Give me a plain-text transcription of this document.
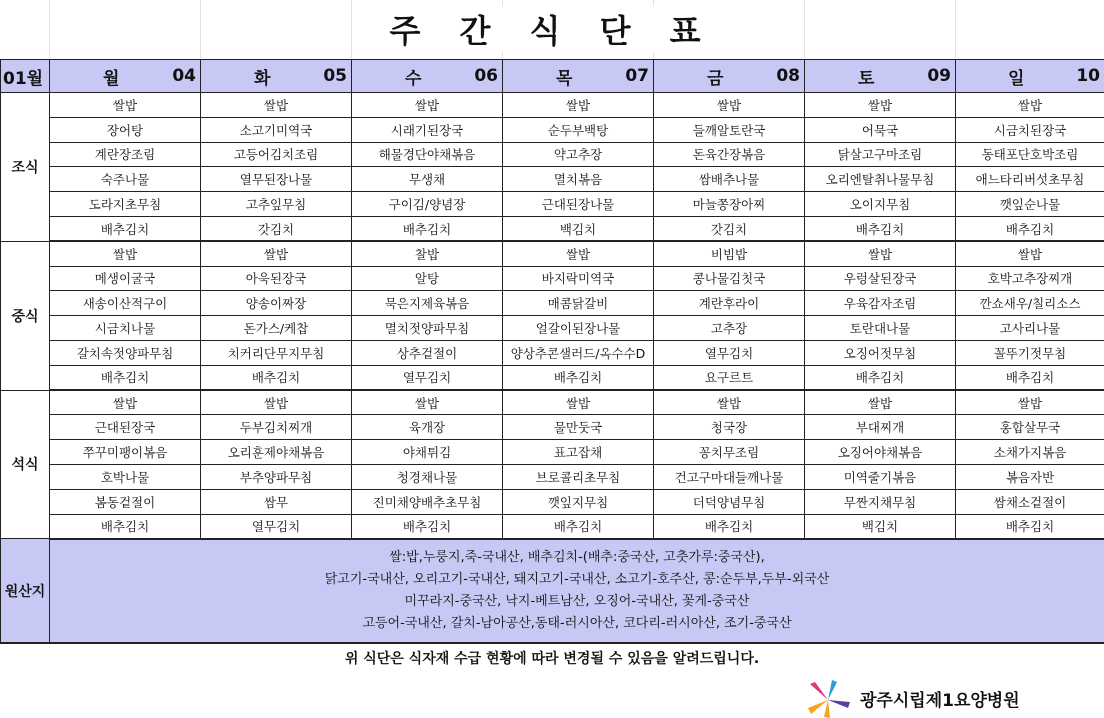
주 간 식 단 표
01월	월 04	화 05	수 06	목 07	금 08	토 09	일 10

조식	쌀밥	쌀밥	쌀밥	쌀밥	쌀밥	쌀밥	쌀밥
	장어탕	소고기미역국	시래기된장국	순두부백탕	들깨알토란국	어묵국	시금치된장국
	계란장조림	고등어김치조림	해물경단야채볶음	약고추장	돈육간장볶음	닭살고구마조림	동태포단호박조림
	숙주나물	열무된장나물	무생채	멸치볶음	쌈배추나물	오리엔탈취나물무침	애느타리버섯초무침
	도라지초무침	고추잎무침	구이김/양념장	근대된장나물	마늘쫑장아찌	오이지무침	깻잎순나물
	배추김치	갓김치	배추김치	백김치	갓김치	배추김치	배추김치
중식	쌀밥	쌀밥	찰밥	쌀밥	비빔밥	쌀밥	쌀밥
	메생이굴국	아욱된장국	알탕	바지락미역국	콩나물김칫국	우렁살된장국	호박고추장찌개
	새송이산적구이	양송이짜장	묵은지제육볶음	매콤닭갈비	계란후라이	우육감자조림	깐쇼새우/칠리소스
	시금치나물	돈가스/케찹	멸치젓양파무침	얼갈이된장나물	고추장	토란대나물	고사리나물
	갈치속젓양파무침	치커리단무지무침	상추겉절이	양상추콘샐러드/옥수수D	열무김치	오징어젓무침	꼴뚜기젓무침
	배추김치	배추김치	열무김치	배추김치	요구르트	배추김치	배추김치
석식	쌀밥	쌀밥	쌀밥	쌀밥	쌀밥	쌀밥	쌀밥
	근대된장국	두부김치찌개	육개장	물만둣국	청국장	부대찌개	홍합살무국
	쭈꾸미팽이볶음	오리훈제야채볶음	야채튀김	표고잡채	꽁치무조림	오징어야채볶음	소채가지볶음
	호박나물	부추양파무침	청경채나물	브로콜리초무침	건고구마대들깨나물	미역줄기볶음	볶음자반
	봄동겉절이	쌈무	진미채양배추초무침	깻잎지무침	더덕양념무침	무짠지채무침	쌈채소겉절이
	배추김치	열무김치	배추김치	배추김치	배추김치	백김치	배추김치
원산지	쌀:밥,누룽지,죽-국내산, 배추김치-(배추:중국산, 고춧가루:중국산),
닭고기-국내산, 오리고기-국내산, 돼지고기-국내산, 소고기-호주산, 콩:순두부,두부-외국산
미꾸라지-중국산, 낙지-베트남산, 오징어-국내산, 꽃게-중국산
고등어-국내산, 갈치-남아공산,동태-러시아산, 코다리-러시아산, 조기-중국산						
위 식단은 식자재 수급 현황에 따라 변경될 수 있음을 알려드립니다.
광주시립제1요양병원
